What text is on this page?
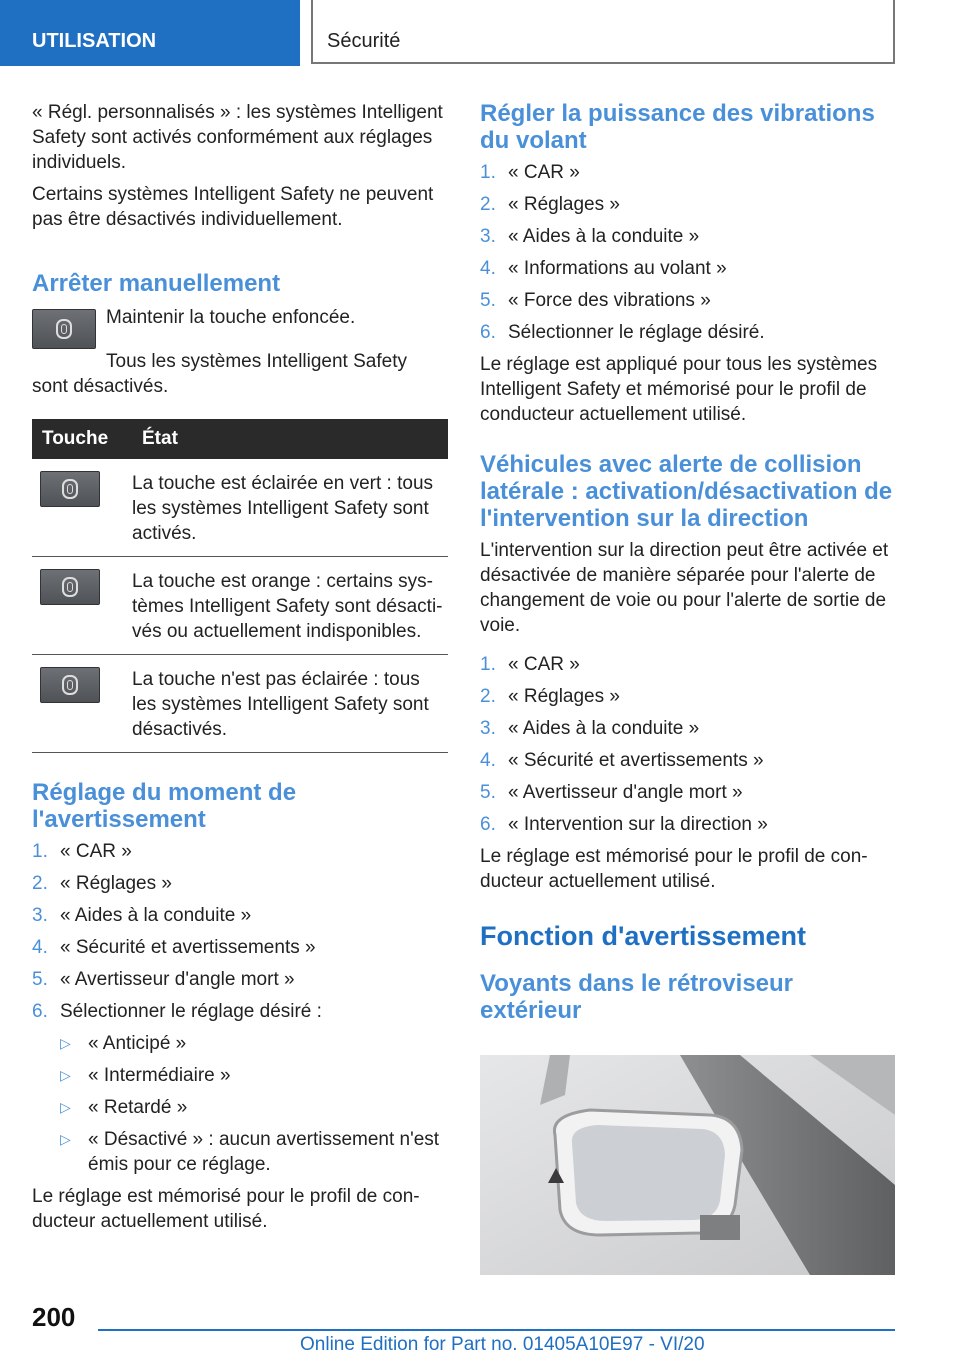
UTILISATION	Sécurité

« Régl. personnalisés » : les systèmes Intelligent Safety sont activés conformément aux réglages individuels.

Certains systèmes Intelligent Safety ne peuvent pas être désactivés individuellement.

Arrêter manuellement

Maintenir la touche enfoncée.

Tous les systèmes Intelligent Safety sont désactivés.

Touche	État

	La touche est éclairée en vert : tous les systèmes Intelligent Safety sont activés.

	La touche est orange : certains sys-tèmes Intelligent Safety sont désacti-vés ou actuellement indisponibles.

	La touche n'est pas éclairée : tous les systèmes Intelligent Safety sont désactivés.
Réglage du moment de l'avertissement
1. « CAR »
2. « Réglages »
3. « Aides à la conduite »
4. « Sécurité et avertissements »
5. « Avertisseur d'angle mort »
6. Sélectionner le réglage désiré :
▷ « Anticipé »
▷ « Intermédiaire »
▷ « Retardé »
▷ « Désactivé » : aucun avertissement n'est émis pour ce réglage.

Le réglage est mémorisé pour le profil de con-ducteur actuellement utilisé.

Régler la puissance des vibrations du volant
1. « CAR »
2. « Réglages »
3. « Aides à la conduite »
4. « Informations au volant »
5. « Force des vibrations »
6. Sélectionner le réglage désiré.

Le réglage est appliqué pour tous les systèmes Intelligent Safety et mémorisé pour le profil de conducteur actuellement utilisé.

Véhicules avec alerte de collision latérale : activation/désactivation de l'intervention sur la direction

L'intervention sur la direction peut être activée et désactivée de manière séparée pour l'alerte de changement de voie ou pour l'alerte de sortie de voie.

1. « CAR »
2. « Réglages »
3. « Aides à la conduite »
4. « Sécurité et avertissements »
5. « Avertisseur d'angle mort »
6. « Intervention sur la direction »

Le réglage est mémorisé pour le profil de con-ducteur actuellement utilisé.

Fonction d'avertissement
Voyants dans le rétroviseur extérieur
200
Online Edition for Part no. 01405A10E97 - VI/20
